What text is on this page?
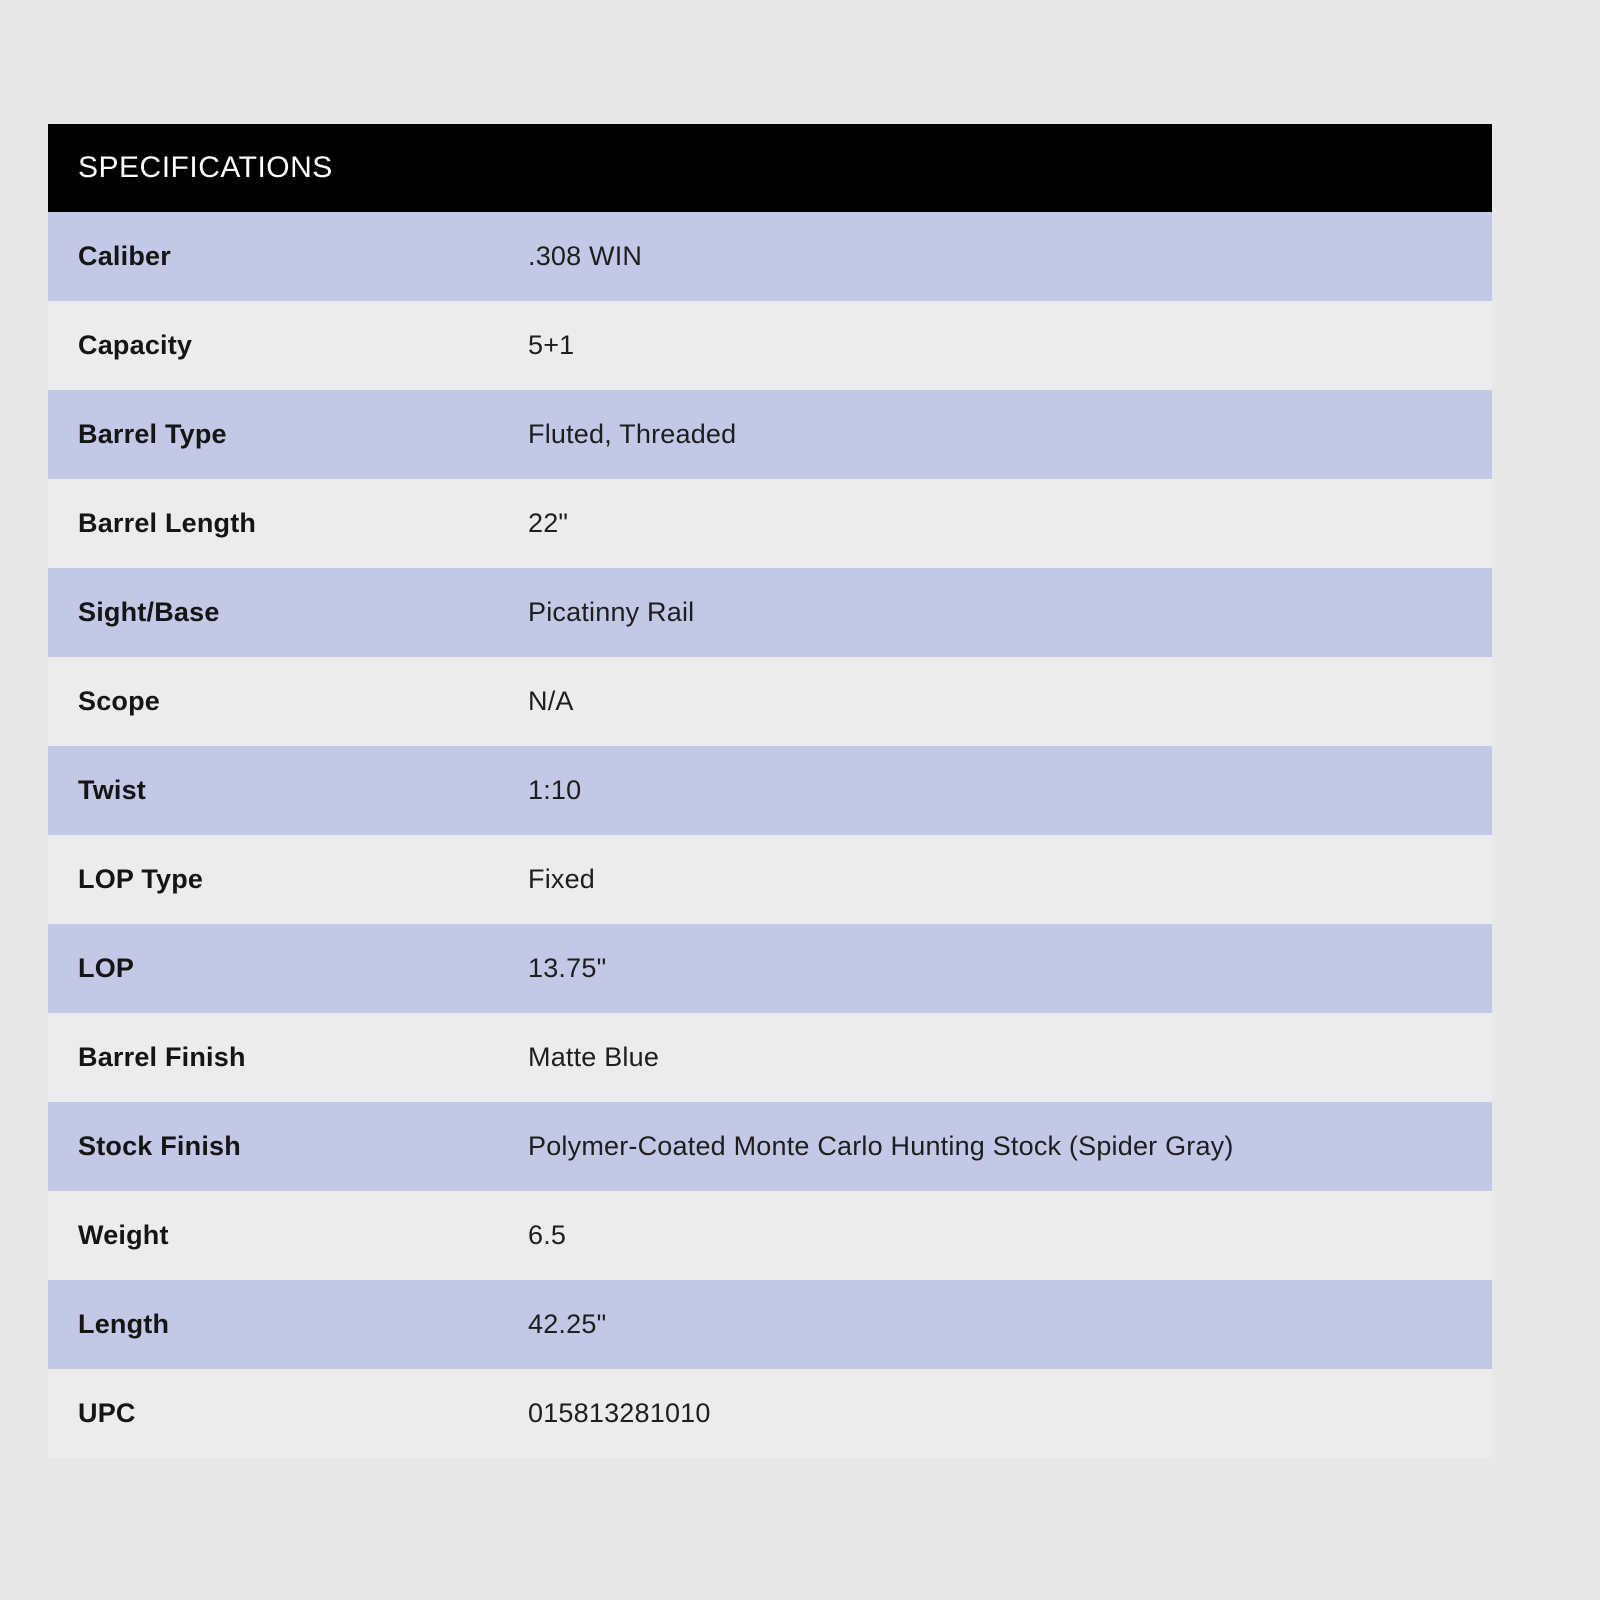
SPECIFICATIONS
Caliber	.308 WIN
Capacity	5+1
Barrel Type	Fluted, Threaded
Barrel Length	22"
Sight/Base	Picatinny Rail
Scope	N/A
Twist	1:10
LOP Type	Fixed
LOP	13.75"
Barrel Finish	Matte Blue
Stock Finish	Polymer-Coated Monte Carlo Hunting Stock (Spider Gray)
Weight	6.5
Length	42.25"
UPC	015813281010
